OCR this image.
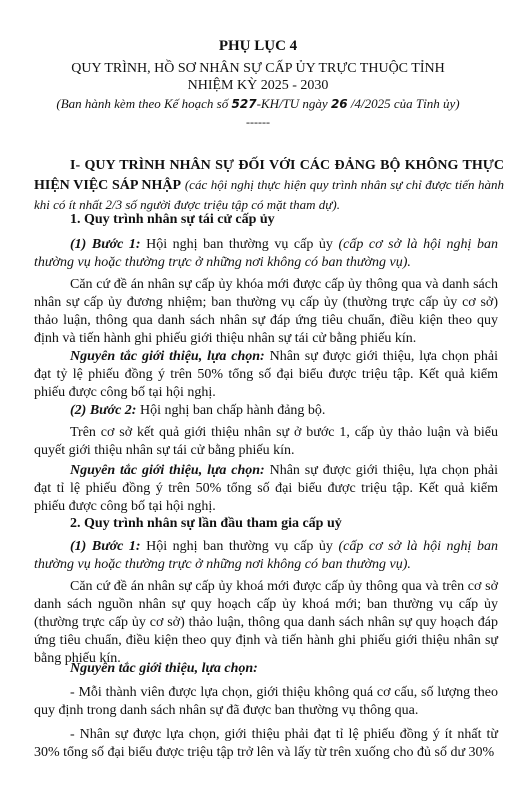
PHỤ LỤC 4
QUY TRÌNH, HỒ SƠ NHÂN SỰ CẤP ỦY TRỰC THUỘC TỈNH
NHIỆM KỲ 2025 - 2030
(Ban hành kèm theo Kế hoạch số 527-KH/TU ngày 26 /4/2025 của Tỉnh ủy)
------
I- QUY TRÌNH NHÂN SỰ ĐỐI VỚI CÁC ĐẢNG BỘ KHÔNG THỰC HIỆN VIỆC SÁP NHẬP (các hội nghị thực hiện quy trình nhân sự chỉ được tiến hành khi có ít nhất 2/3 số người được triệu tập có mặt tham dự).
1. Quy trình nhân sự tái cử cấp ủy
(1) Bước 1: Hội nghị ban thường vụ cấp ủy (cấp cơ sở là hội nghị ban thường vụ hoặc thường trực ở những nơi không có ban thường vụ).
Căn cứ đề án nhân sự cấp ủy khóa mới được cấp ủy thông qua và danh sách nhân sự cấp ủy đương nhiệm; ban thường vụ cấp ủy (thường trực cấp ủy cơ sở) thảo luận, thông qua danh sách nhân sự đáp ứng tiêu chuẩn, điều kiện theo quy định và tiến hành ghi phiếu giới thiệu nhân sự tái cử bằng phiếu kín.
Nguyên tắc giới thiệu, lựa chọn: Nhân sự được giới thiệu, lựa chọn phải đạt tỷ lệ phiếu đồng ý trên 50% tổng số đại biểu được triệu tập. Kết quả kiểm phiếu được công bố tại hội nghị.
(2) Bước 2: Hội nghị ban chấp hành đảng bộ.
Trên cơ sở kết quả giới thiệu nhân sự ở bước 1, cấp ủy thảo luận và biểu quyết giới thiệu nhân sự tái cử bằng phiếu kín.
Nguyên tắc giới thiệu, lựa chọn: Nhân sự được giới thiệu, lựa chọn phải đạt tỉ lệ phiếu đồng ý trên 50% tổng số đại biểu được triệu tập. Kết quả kiểm phiếu được công bố tại hội nghị.
2. Quy trình nhân sự lần đầu tham gia cấp uỷ
(1) Bước 1: Hội nghị ban thường vụ cấp ủy (cấp cơ sở là hội nghị ban thường vụ hoặc thường trực ở những nơi không có ban thường vụ).
Căn cứ đề án nhân sự cấp ủy khoá mới được cấp ủy thông qua và trên cơ sở danh sách nguồn nhân sự quy hoạch cấp ủy khoá mới; ban thường vụ cấp ủy (thường trực cấp ủy cơ sở) thảo luận, thông qua danh sách nhân sự quy hoạch đáp ứng tiêu chuẩn, điều kiện theo quy định và tiến hành ghi phiếu giới thiệu nhân sự bằng phiếu kín.
Nguyên tắc giới thiệu, lựa chọn:
- Mỗi thành viên được lựa chọn, giới thiệu không quá cơ cấu, số lượng theo quy định trong danh sách nhân sự đã được ban thường vụ thông qua.
- Nhân sự được lựa chọn, giới thiệu phải đạt tỉ lệ phiếu đồng ý ít nhất từ 30% tổng số đại biểu được triệu tập trở lên và lấy từ trên xuống cho đủ số dư 30%
